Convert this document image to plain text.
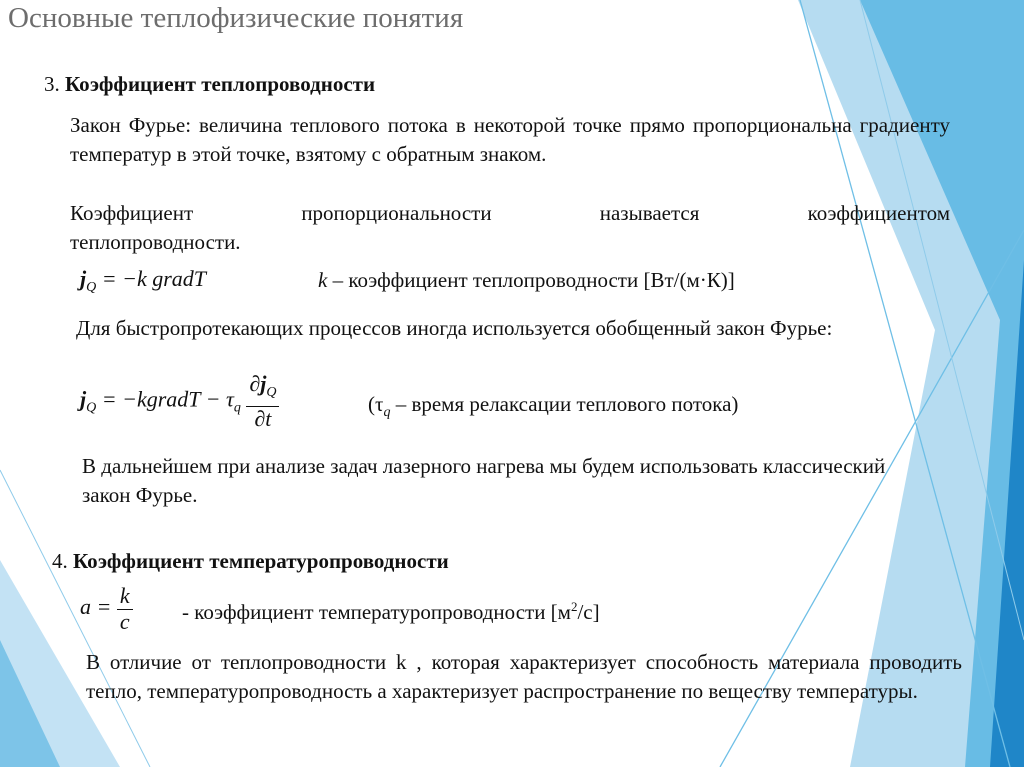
Основные теплофизические понятия
3. Коэффициент теплопроводности
Закон Фурье: величина теплового потока в некоторой точке прямо пропорциональна градиенту температур в этой точке, взятому с обратным знаком.
Коэффициент	пропорциональности	называется	коэффициентом
теплопроводности.
$j_Q = -k$ gradT	k – коэффициент теплопроводности [Вт/(м·К)]
Для быстропротекающих процессов иногда используется обобщенный закон Фурье:
$j_Q$ = −kgradT − $\tau_q \frac{\partial j_Q}{\partial t}$	($\tau_q$ – время релаксации теплового потока)
В дальнейшем при анализе задач лазерного нагрева мы будем использовать классический закон Фурье.
4. Коэффициент температуропроводности
$a = \frac{k}{c}$ - коэффициент температуропроводности $[м^2/с]$
В отличие от теплопроводности k , которая характеризует способность материала проводить тепло, температуропроводность a характеризует распространение по веществу температуры.
